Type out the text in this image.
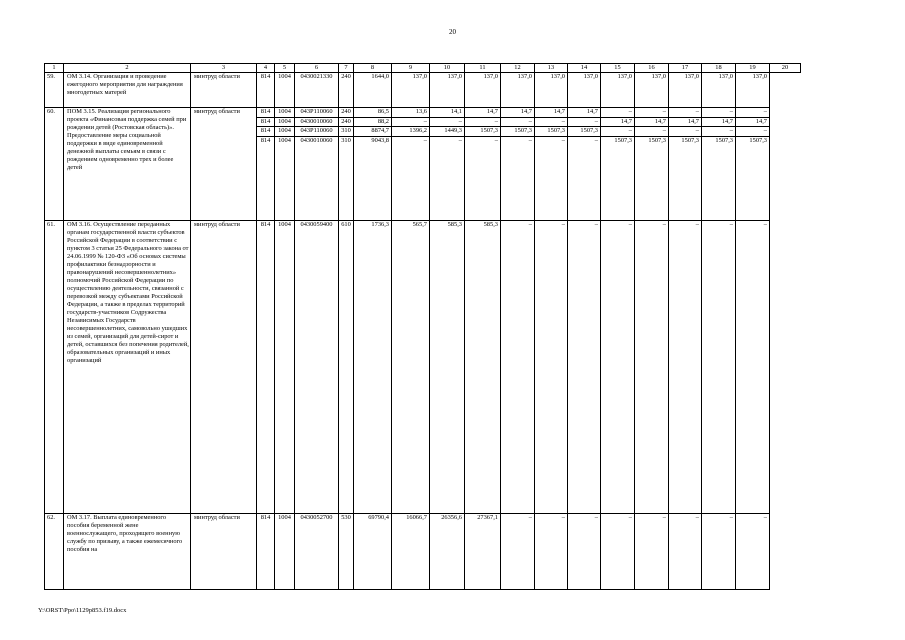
20
1	2	3	4	5	6	7	8	9	10	11	12	13	14	15	16	17	18	19	20
59.	ОМ 3.14. Организация и проведение ежегодного мероприятия для награждения многодетных матерей	минтруд области	814	1004	0430021330	240	1644,0	137,0	137,0	137,0	137,0	137,0	137,0	137,0	137,0	137,0	137,0	137,0	
60.	ПОМ 3.15. Реализация регионального проекта «Финансовая поддержка семей при рождении детей (Ростовская область)». Предоставление меры социальной поддержки в виде единовременной денежной выплаты семьям в связи с рождением одновременно трех и более детей	минтруд области	814	1004	043P110060	240	86,5	13,6	14,1	14,7	14,7	14,7	14,7	–	–	–	–	–	
			814	1004	0430010060	240	88,2	–	–	–	–	–	–	14,7	14,7	14,7	14,7	14,7	
			814	1004	043P110060	310	8874,7	1396,2	1449,3	1507,3	1507,3	1507,3	1507,3	–	–	–	–	–	
			814	1004	0430010060	310	9043,8	–	–	–	–	–	–	1507,3	1507,3	1507,3	1507,3	1507,3	
61.	ОМ 3.16. Осуществление переданных органам государственной власти субъектов Российской Федерации в соответствии с пунктом 3 статьи 25 Федерального закона от 24.06.1999 № 120-ФЗ «Об основах системы профилактики безнадзорности и правонарушений несовершеннолетних» полномочий Российской Федерации по осуществлению деятельности, связанной с перевозкой между субъектами Российской Федерации, а также в пределах территорий государств-участников Содружества Независимых Государств несовершеннолетних, самовольно ушедших из семей, организаций для детей-сирот и детей, оставшихся без попечения родителей, образовательных организаций и иных организаций	минтруд области	814	1004	0430059400	610	1736,3	565,7	585,3	585,3	–	–	–	–	–	–	–	–	
62.	ОМ 3.17. Выплата единовременного пособия беременной жене военнослужащего, проходящего военную службу по призыву, а также ежемесячного пособия на	минтруд области	814	1004	0430052700	530	69790,4	16066,7	26356,6	27367,1	–	–	–	–	–	–	–	–	
Y:\ORST\Ppo\1129p853.f19.docx
